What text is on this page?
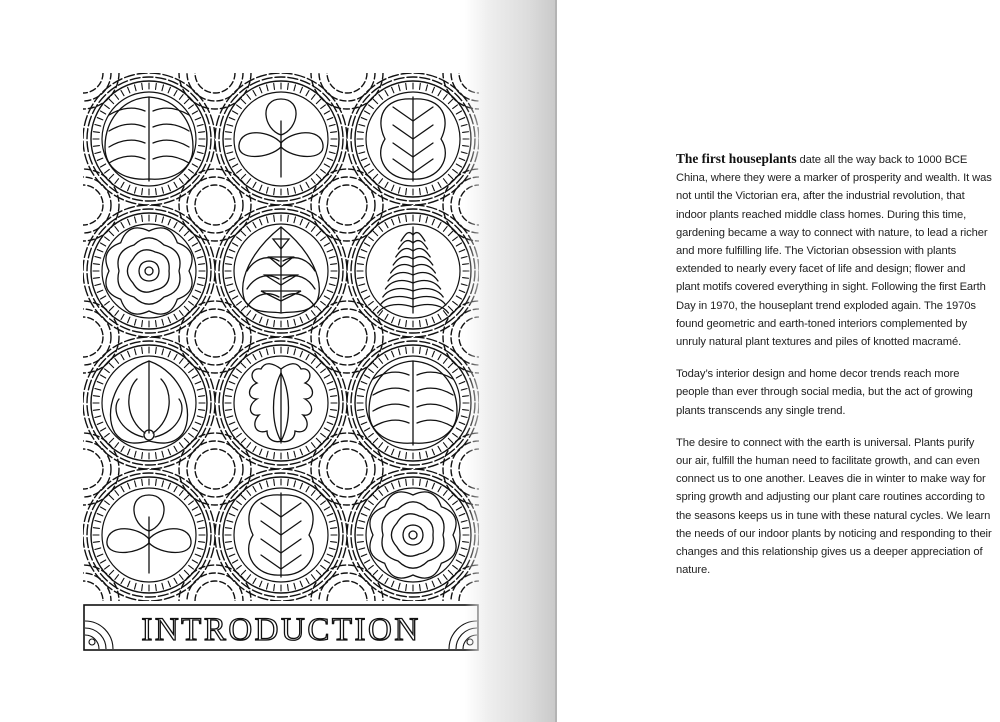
INTRODUCTION

The first houseplants date all the way back to 1000 BCE China, where they were a marker of prosperity and wealth. It was not until the Victorian era, after the industrial revolution, that indoor plants reached middle class homes. During this time, gardening became a way to connect with nature, to lead a richer and more fulfilling life. The Victorian obsession with plants extended to nearly every facet of life and design; flower and plant motifs covered everything in sight. Following the first Earth Day in 1970, the houseplant trend exploded again. The 1970s found geometric and earth-toned interiors complemented by unruly natural plant textures and piles of knotted macramé.

Today’s interior design and home decor trends reach more people than ever through social media, but the act of growing plants transcends any single trend.

The desire to connect with the earth is universal. Plants purify our air, fulfill the human need to facilitate growth, and can even connect us to one another. Leaves die in winter to make way for spring growth and adjusting our plant care routines according to the seasons keeps us in tune with these natural cycles. We learn the needs of our indoor plants by noticing and responding to their changes and this relationship gives us a deeper appreciation of nature.
